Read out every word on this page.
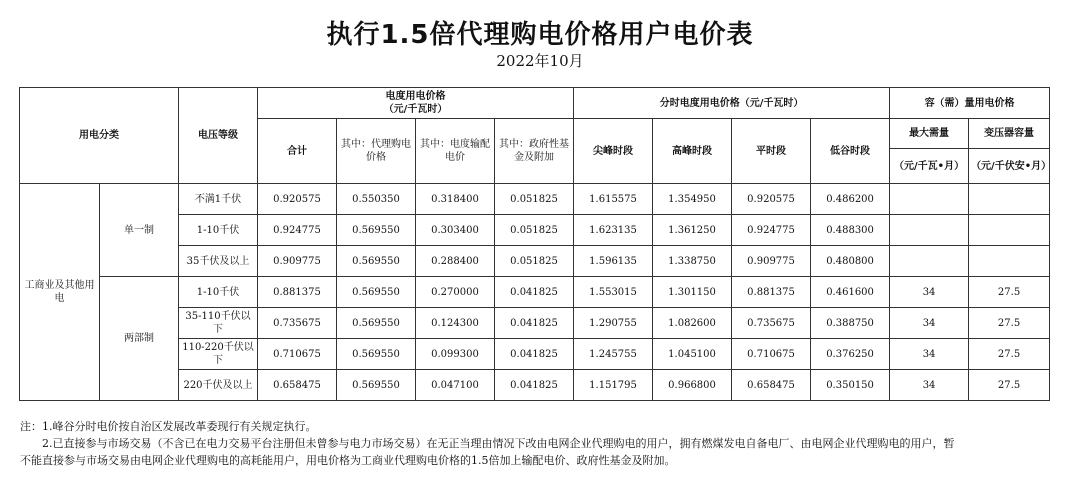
执行1.5倍代理购电价格用户电价表
2022年10月
用电分类		电压等级	电度用电价格
（元/千瓦时）				分时电度用电价格（元/千瓦时）				容（需）量用电价格	
			合计	其中：代理购电价格	其中：电度输配电价	其中：政府性基金及附加	尖峰时段	高峰时段	平时段	低谷时段	最大需量	变压器容量
											（元/千瓦•月）	（元/千伏安•月）
工商业及其他用电	单一制	不满1千伏	0.920575	0.550350	0.318400	0.051825	1.615575	1.354950	0.920575	0.486200		
		1-10千伏	0.924775	0.569550	0.303400	0.051825	1.623135	1.361250	0.924775	0.488300		
		35千伏及以上	0.909775	0.569550	0.288400	0.051825	1.596135	1.338750	0.909775	0.480800		
	两部制	1-10千伏	0.881375	0.569550	0.270000	0.041825	1.553015	1.301150	0.881375	0.461600	34	27.5
		35-110千伏以下	0.735675	0.569550	0.124300	0.041825	1.290755	1.082600	0.735675	0.388750	34	27.5
		110-220千伏以下	0.710675	0.569550	0.099300	0.041825	1.245755	1.045100	0.710675	0.376250	34	27.5
		220千伏及以上	0.658475	0.569550	0.047100	0.041825	1.151795	0.966800	0.658475	0.350150	34	27.5
注：1.峰谷分时电价按自治区发展改革委现行有关规定执行。
2.已直接参与市场交易（不含已在电力交易平台注册但未曾参与电力市场交易）在无正当理由情况下改由电网企业代理购电的用户，拥有燃煤发电自备电厂、由电网企业代理购电的用户，暂
不能直接参与市场交易由电网企业代理购电的高耗能用户，用电价格为工商业代理购电价格的1.5倍加上输配电价、政府性基金及附加。
